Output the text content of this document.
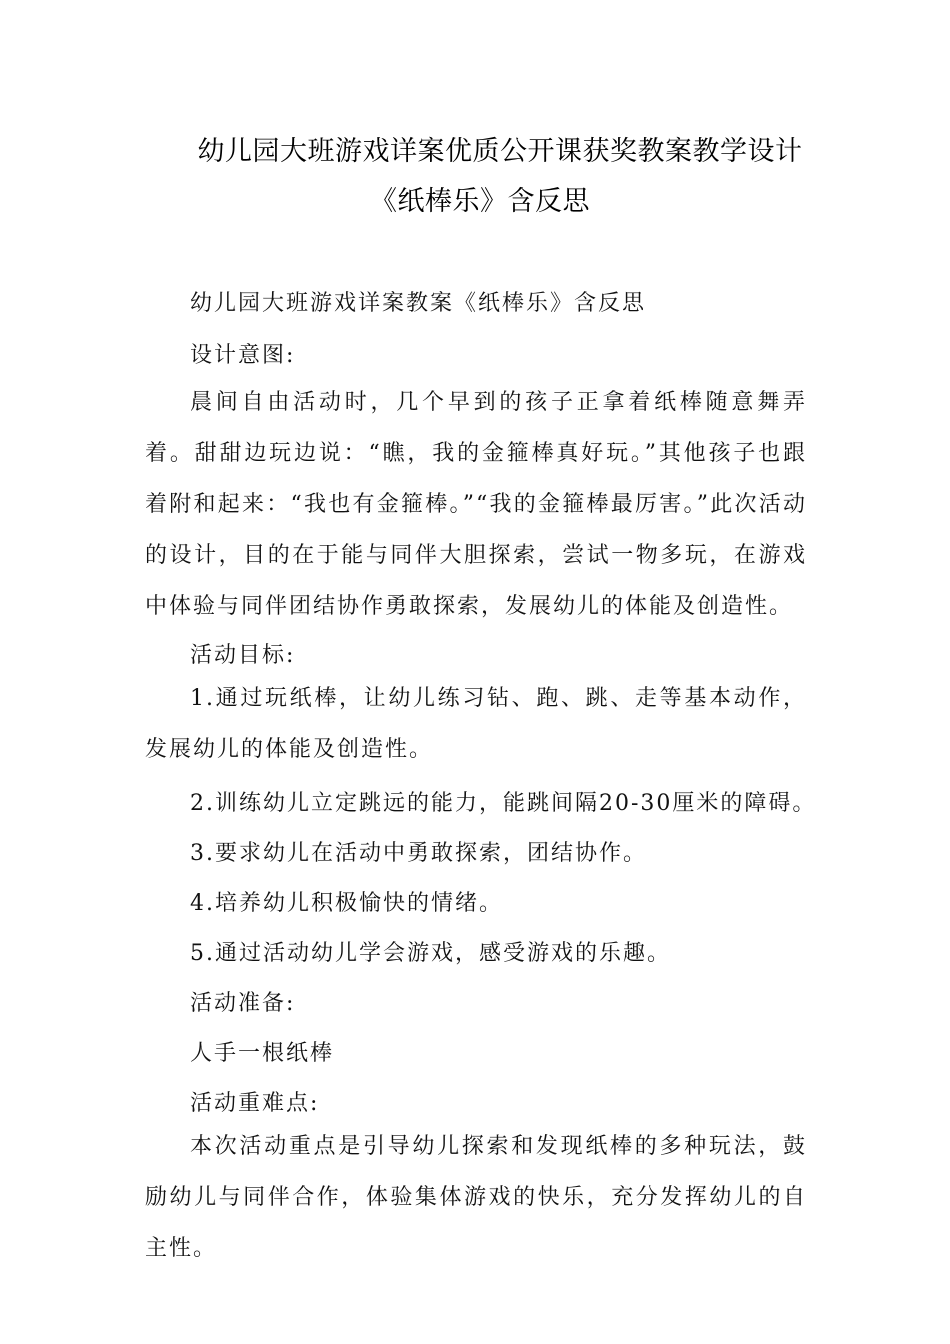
幼儿园大班游戏详案优质公开课获奖教案教学设计
《纸棒乐》含反思
幼儿园大班游戏详案教案《纸棒乐》含反思
设计意图:
晨间自由活动时，几个早到的孩子正拿着纸棒随意舞弄着。甜甜边玩边说：“瞧，我的金箍棒真好玩。”其他孩子也跟着附和起来：“我也有金箍棒。”“我的金箍棒最厉害。”此次活动的设计，目的在于能与同伴大胆探索，尝试一物多玩，在游戏中体验与同伴团结协作勇敢探索，发展幼儿的体能及创造性。
活动目标:
1.通过玩纸棒，让幼儿练习钻、跑、跳、走等基本动作，发展幼儿的体能及创造性。
2.训练幼儿立定跳远的能力，能跳间隔20-30厘米的障碍。
3.要求幼儿在活动中勇敢探索，团结协作。
4.培养幼儿积极愉快的情绪。
5.通过活动幼儿学会游戏，感受游戏的乐趣。
活动准备:
人手一根纸棒
活动重难点:
本次活动重点是引导幼儿探索和发现纸棒的多种玩法，鼓励幼儿与同伴合作，体验集体游戏的快乐，充分发挥幼儿的自主性。
